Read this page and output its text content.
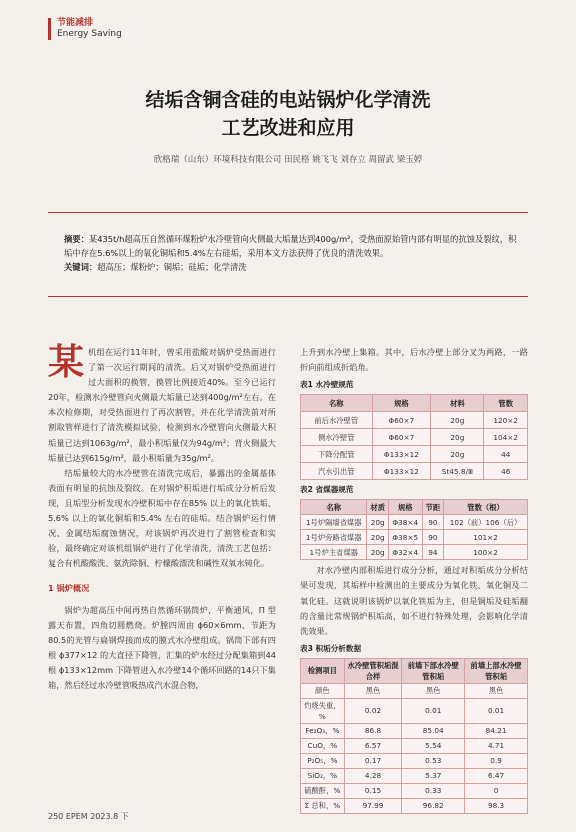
节能减排
Energy Saving
结垢含铜含硅的电站锅炉化学清洗
工艺改进和应用
欣格瑞（山东）环境科技有限公司 田民格 姚飞飞 刘存立 周留武 梁玉婷
摘要：某435t/h超高压自然循环煤粉炉水冷壁管向火侧最大垢量达到400g/m²，受热面原始管内部有明显的抗蚀及裂纹，积垢中存在5.6%以上的氧化铜垢和5.4%左右硅垢，采用本文方法获得了优良的清洗效果。
关键词：超高压；煤粉炉；铜垢；硅垢；化学清洗

某机组在运行11年时，曾采用盐酸对锅炉受热面进行了第一次运行期间的清洗。后又对锅炉受热面进行过大面积的换管，换管比例接近40%。至今已运行20年，检测水冷壁管向火侧最大垢量已达到400g/m²左右。在本次检修期，对受热面进行了再次割管，并在化学清洗前对所割取管样进行了清洗模拟试验，检测到水冷壁管向火侧最大积垢量已达到1063g/m²，最小积垢量仅为94g/m²；背火侧最大垢量已达到615g/m²，最小积垢量为35g/m²。

结垢量较大的水冷壁管在清洗完成后，暴露出的金属基体表面有明显的抗蚀及裂纹。在对锅炉积垢进行垢成分分析后发现，且垢型分析发现水冷壁积垢中存在85% 以上的氧化铁垢、5.6% 以上的氧化铜垢和5.4% 左右的硅垢。结合锅炉运行情况、金属结垢腐蚀情况，对该锅炉再次进行了割管检查和实验，最终确定对该机组锅炉进行了化学清洗，清洗工艺包括：复合有机酸酸洗、氨洗除铜、柠檬酸漂洗和碱性双氧水钝化。

1 锅炉概况

锅炉为超高压中间再热自然循环锅筒炉，平衡通风，Π 型露天布置，四角切圆燃烧。炉膛四周由 ϕ60×6mm、节距为80.5的光管与扁钢焊接而成的膜式水冷壁组成。锅筒下部有四根 ϕ377×12 的大直径下降管，汇集的炉水经过分配集箱到44根 ϕ133×12mm 下降管进入水冷壁14个循环回路的14只下集箱，然后经过水冷壁管吸热成汽水混合物，

上升到水冷壁上集箱。其中，后水冷壁上部分叉为两路，一路折向前组成折焰角。

表1 水冷壁规范
名称	规格	材料	管数
前后水冷壁管	Φ60×7	20g	120×2
侧水冷壁管	Φ60×7	20g	104×2
下降分配管	Φ133×12	20g	44
汽水引出管	Φ133×12	St45.8/Ⅲ	46
表2 省煤器规范
名称	材质	规格	节距	管数（根）
1号炉隔墙省煤器	20g	Φ38×4	90	102（前）106（后）
1号炉旁路省煤器	20g	Φ38×5	90	101×2
1号炉主省煤器	20g	Φ32×4	94	100×2

对水冷壁内部积垢进行成分分析，通过对积垢成分分析结果可发现，其垢样中检测出的主要成分为氧化铁、氧化铜及二氧化硅。这就说明该锅炉以氧化铁垢为主，但是铜垢及硅垢翻的含量比常规锅炉积垢高，如不进行特殊处理，会影响化学清洗效果。

表3 积垢分析数据
检测项目	水冷壁管积垢混合样	前墙下部水冷壁管积垢	前墙上部水冷壁管积垢
颜色	黑色	黑色	黑色
灼烧失重，%	0.02	0.01	0.01
Fe₂O₃，%	86.8	85.04	84.21
CuO，%	6.57	5.54	4.71
P₂O₅，%	0.17	0.53	0.9
SiO₂，%	4.28	5.37	6.47
硫酸酐，%	0.15	0.33	0
Σ 总和，%	97.99	96.82	98.3
250 EPEM 2023.8 下
